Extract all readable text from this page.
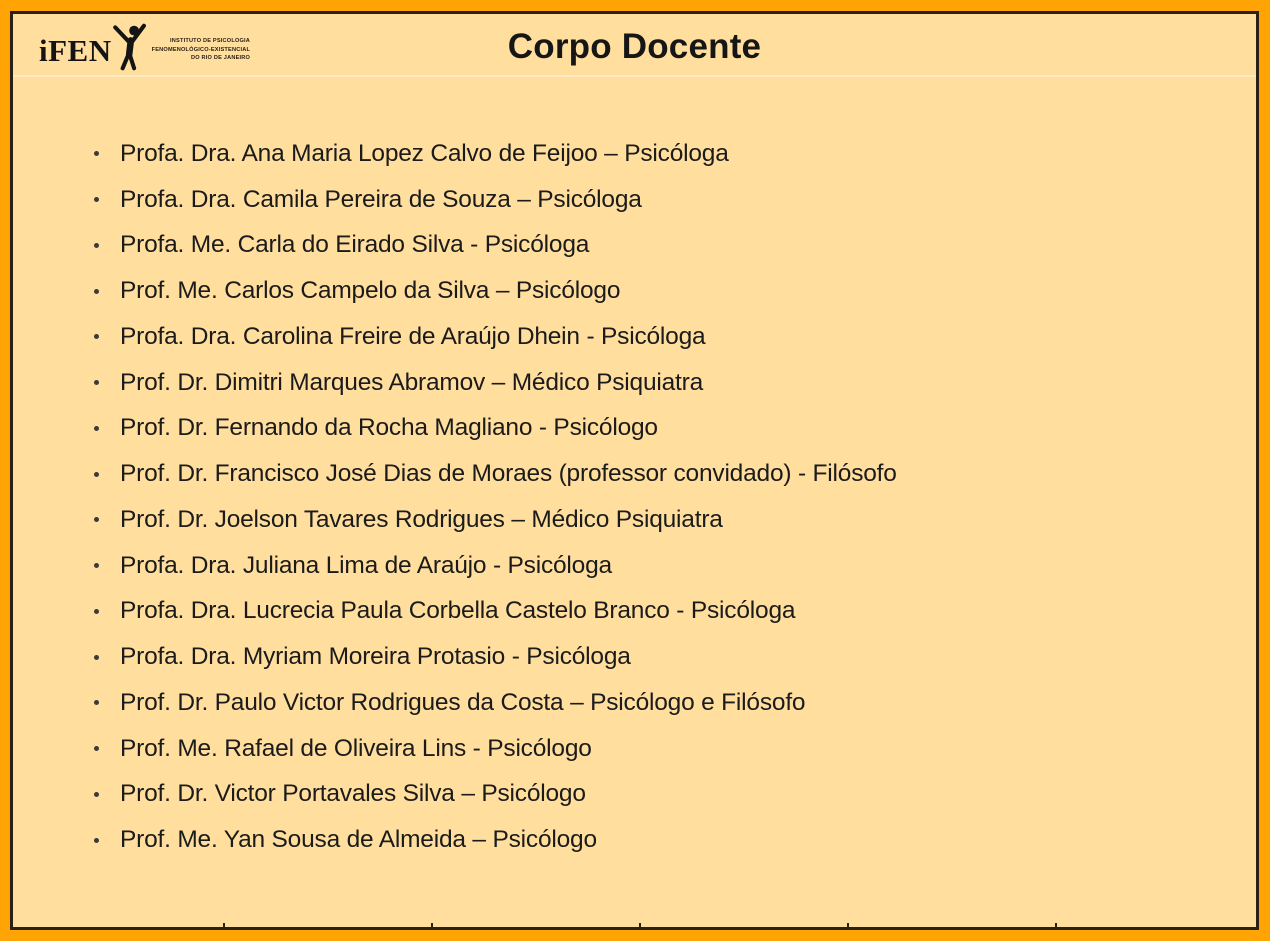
iFEN	INSTITUTO DE PSICOLOGIA
FENOMENOLÓGICO-EXISTENCIAL
DO RIO DE JANEIRO	Corpo Docente
Profa. Dra. Ana Maria Lopez Calvo de Feijoo – Psicóloga
Profa. Dra. Camila Pereira de Souza – Psicóloga
Profa. Me. Carla do Eirado Silva - Psicóloga
Prof. Me. Carlos Campelo da Silva – Psicólogo
Profa. Dra. Carolina Freire de Araújo Dhein - Psicóloga
Prof. Dr. Dimitri Marques Abramov – Médico Psiquiatra
Prof. Dr. Fernando da Rocha Magliano - Psicólogo
Prof. Dr. Francisco José Dias de Moraes (professor convidado) - Filósofo
Prof. Dr. Joelson Tavares Rodrigues – Médico Psiquiatra
Profa. Dra. Juliana Lima de Araújo - Psicóloga
Profa. Dra. Lucrecia Paula Corbella Castelo Branco - Psicóloga
Profa. Dra. Myriam Moreira Protasio - Psicóloga
Prof. Dr. Paulo Victor Rodrigues da Costa – Psicólogo e Filósofo
Prof. Me. Rafael de Oliveira Lins - Psicólogo
Prof. Dr. Victor Portavales Silva – Psicólogo
Prof. Me. Yan Sousa de Almeida – Psicólogo
